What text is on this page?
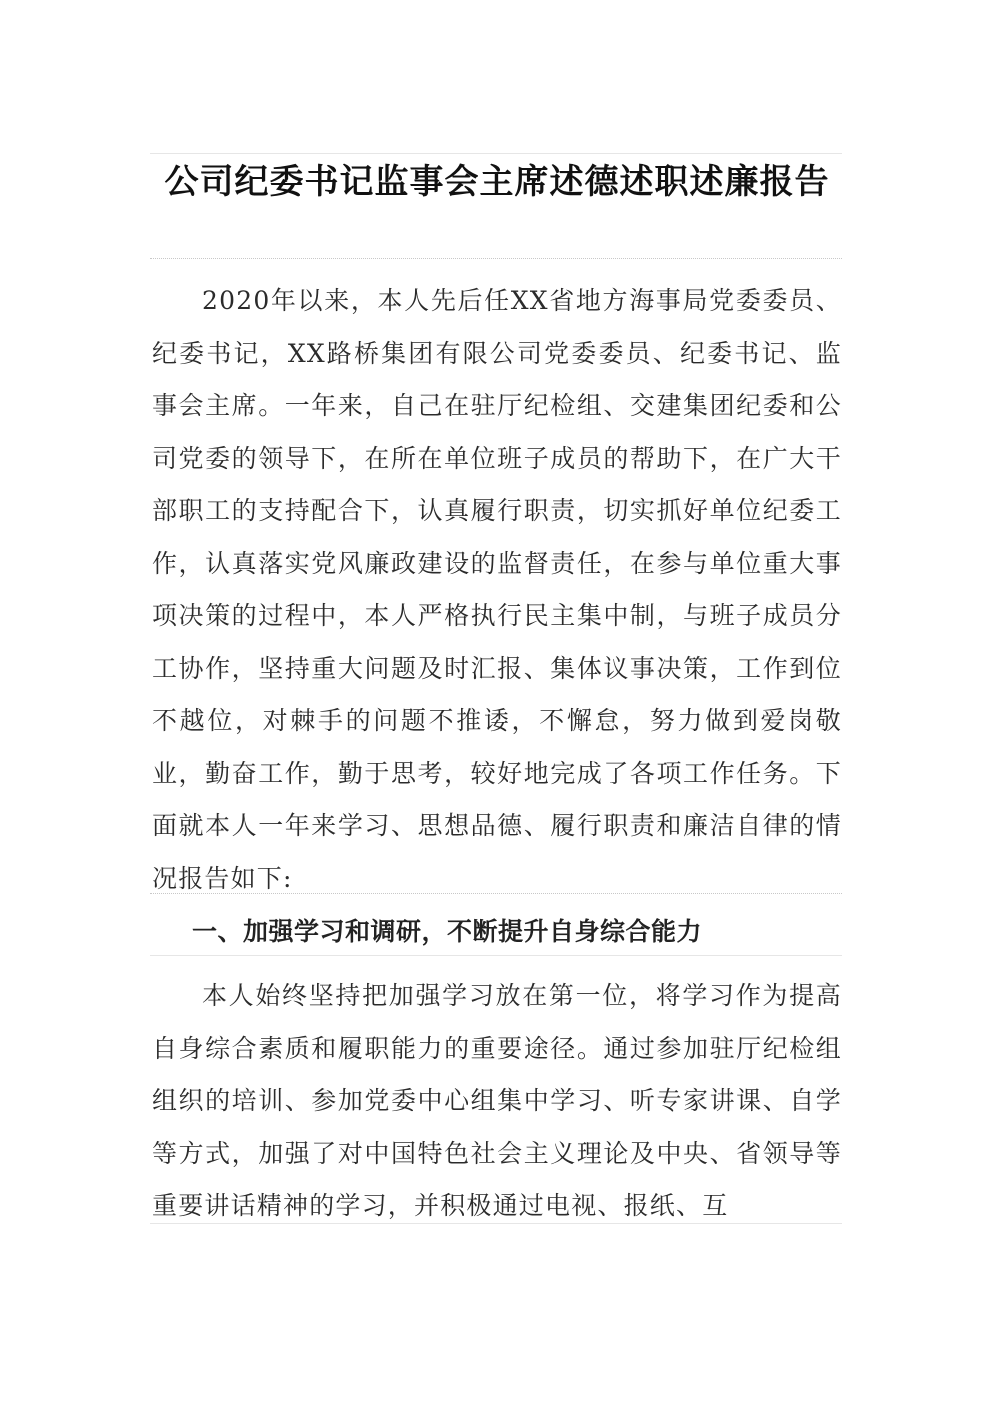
公司纪委书记监事会主席述德述职述廉报告

2020年以来，本人先后任XX省地方海事局党委委员、纪委书记，XX路桥集团有限公司党委委员、纪委书记、监事会主席。一年来，自己在驻厅纪检组、交建集团纪委和公司党委的领导下，在所在单位班子成员的帮助下，在广大干部职工的支持配合下，认真履行职责，切实抓好单位纪委工作，认真落实党风廉政建设的监督责任，在参与单位重大事项决策的过程中，本人严格执行民主集中制，与班子成员分工协作，坚持重大问题及时汇报、集体议事决策，工作到位不越位，对棘手的问题不推诿，不懈怠，努力做到爱岗敬业，勤奋工作，勤于思考，较好地完成了各项工作任务。下面就本人一年来学习、思想品德、履行职责和廉洁自律的情况报告如下:

一、加强学习和调研，不断提升自身综合能力

本人始终坚持把加强学习放在第一位，将学习作为提高自身综合素质和履职能力的重要途径。通过参加驻厅纪检组组织的培训、参加党委中心组集中学习、听专家讲课、自学等方式，加强了对中国特色社会主义理论及中央、省领导等重要讲话精神的学习，并积极通过电视、报纸、互
